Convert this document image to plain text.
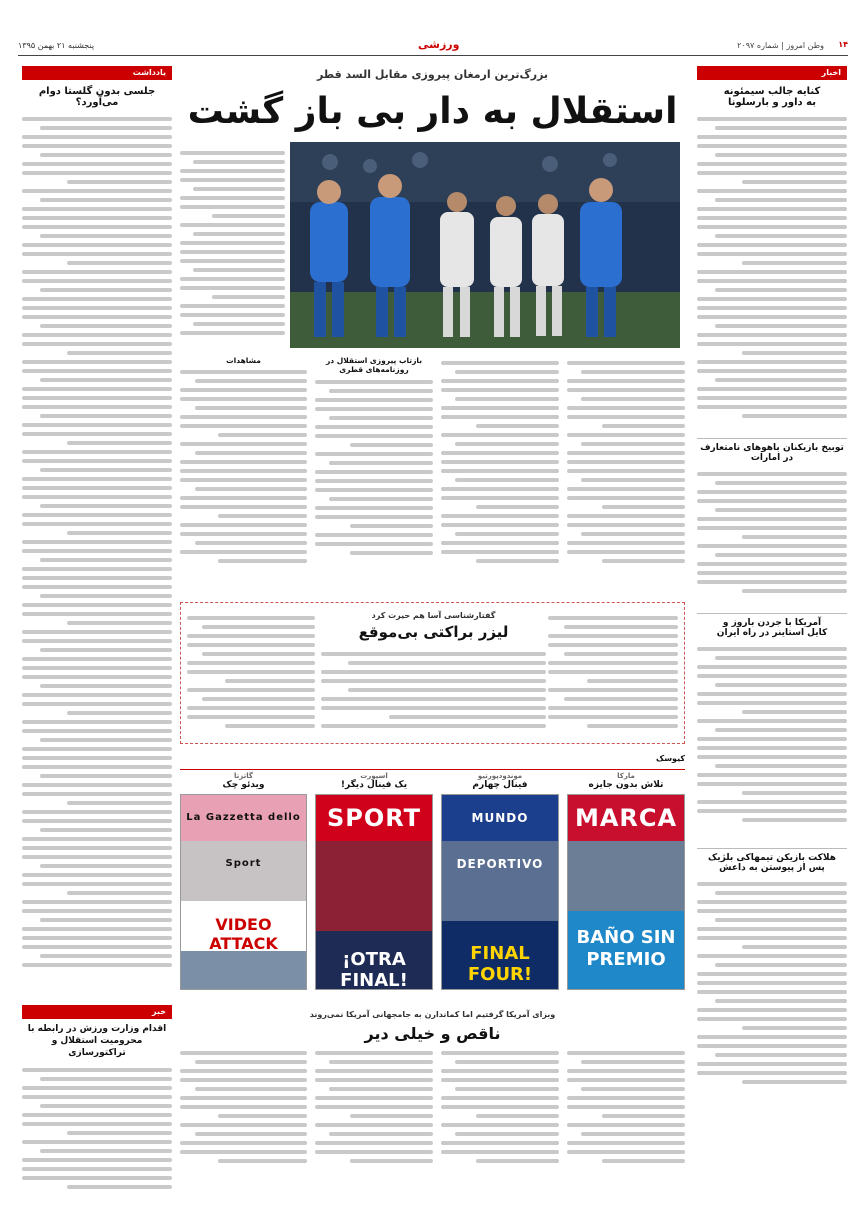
۱۴
وطن امروز | شماره ۲۰۹۷
ورزشی
پنجشنبه ۲۱ بهمن ۱۳۹۵
اخبار
کنایه جالب سیمئونه
به داور و بارسلونا
توبیخ بازیکنان باهوهای نامتعارف در امارات
آمریکا با جردن باروز و
کایل استاینر در راه ایران
هلاکت بازیکن تیمهاکی بلژیک
پس از پیوستن به داعش
یادداشت
جلسی بدون گلستا دوام می‌آورد؟
خبر
اقدام وزارت ورزش در رابطه با محرومیت استقلال و تراکتورسازی
بزرگ‌ترین ارمغان پیروزی مقابل السد قطر
استقلال به دار بی باز گشت
بازتاب پیروزی استقلال در روزنامه‌های قطری
مشاهدات
گفتارشناسی آسا هم حیرت کرد
لیزر براکتی بی‌موقع
کیوسک
مارکا
تلاش بدون جایزه
MARCA
BAÑO SIN PREMIO
موندودپورتیو
فینال چهارم
MUNDO DEPORTIVO
FINAL FOUR!
اسپورت
یک فینال دیگر!
SPORT
¡OTRA FINAL!
گاتزتا
ویدئو چک
La Gazzetta dello Sport
VIDEO ATTACK
وبزای آمریکا گرفتیم اما کماندارن به جامجهانی آمریکا نمی‌روند
ناقص و خیلی دیر
